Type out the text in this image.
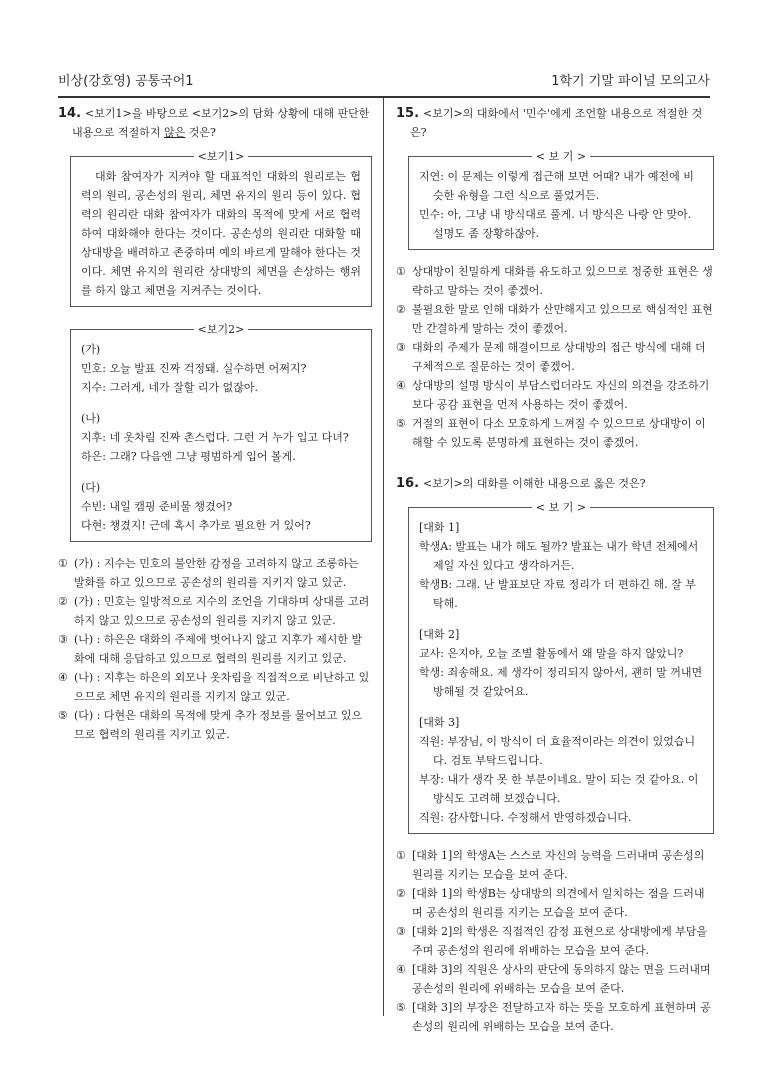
비상(강호영) 공통국어1	1학기 기말 파이널 모의고사
14. <보기1>을 바탕으로 <보기2>의 담화 상황에 대해 판단한 내용으로 적절하지 않은 것은?
<보기1>

대화 참여자가 지켜야 할 대표적인 대화의 원리로는 협력의 원리, 공손성의 원리, 체면 유지의 원리 등이 있다. 협력의 원리란 대화 참여자가 대화의 목적에 맞게 서로 협력하여 대화해야 한다는 것이다. 공손성의 원리란 대화할 때 상대방을 배려하고 존중하며 예의 바르게 말해야 한다는 것이다. 체면 유지의 원리란 상대방의 체면을 손상하는 행위를 하지 않고 체면을 지켜주는 것이다.

<보기2>

(가)

민호: 오늘 발표 진짜 걱정돼. 실수하면 어쩌지?

지수: 그러게, 네가 잘할 리가 없잖아.

(나)

지후: 네 옷차림 진짜 촌스럽다. 그런 거 누가 입고 다녀?

하은: 그래? 다음엔 그냥 평범하게 입어 볼게.

(다)

수빈: 내일 캠핑 준비물 챙겼어?

다현: 챙겼지! 근데 혹시 추가로 필요한 거 있어?

① (가) : 지수는 민호의 불안한 감정을 고려하지 않고 조롱하는 발화를 하고 있으므로 공손성의 원리를 지키지 않고 있군.
② (가) : 민호는 일방적으로 지수의 조언을 기대하며 상대를 고려하지 않고 있으므로 공손성의 원리를 지키지 않고 있군.
③ (나) : 하은은 대화의 주제에 벗어나지 않고 지후가 제시한 발화에 대해 응답하고 있으므로 협력의 원리를 지키고 있군.
④ (나) : 지후는 하은의 외모나 옷차림을 직접적으로 비난하고 있으므로 체면 유지의 원리를 지키지 않고 있군.
⑤ (다) : 다현은 대화의 목적에 맞게 추가 정보를 물어보고 있으므로 협력의 원리를 지키고 있군.
15. <보기>의 대화에서 '민수'에게 조언할 내용으로 적절한 것은?
< 보 기 >

지연: 이 문제는 이렇게 접근해 보면 어때? 내가 예전에 비슷한 유형을 그런 식으로 풀었거든.

민수: 아, 그냥 내 방식대로 풀게. 너 방식은 나랑 안 맞아. 설명도 좀 장황하잖아.

① 상대방이 친밀하게 대화를 유도하고 있으므로 정중한 표현은 생략하고 말하는 것이 좋겠어.
② 불필요한 말로 인해 대화가 산만해지고 있으므로 핵심적인 표현만 간결하게 말하는 것이 좋겠어.
③ 대화의 주제가 문제 해결이므로 상대방의 접근 방식에 대해 더 구체적으로 질문하는 것이 좋겠어.
④ 상대방의 설명 방식이 부담스럽더라도 자신의 의견을 강조하기보다 공감 표현을 먼저 사용하는 것이 좋겠어.
⑤ 거절의 표현이 다소 모호하게 느껴질 수 있으므로 상대방이 이해할 수 있도록 분명하게 표현하는 것이 좋겠어.
16. <보기>의 대화를 이해한 내용으로 옳은 것은?
< 보 기 >

[대화 1]

학생A: 발표는 내가 해도 될까? 발표는 내가 학년 전체에서 제일 자신 있다고 생각하거든.

학생B: 그래. 난 발표보단 자료 정리가 더 편하긴 해. 잘 부탁해.

[대화 2]

교사: 은지야, 오늘 조별 활동에서 왜 말을 하지 않았니?

학생: 죄송해요. 제 생각이 정리되지 않아서, 괜히 말 꺼내면 방해될 것 같았어요.

[대화 3]

직원: 부장님, 이 방식이 더 효율적이라는 의견이 있었습니다. 검토 부탁드립니다.

부장: 내가 생각 못 한 부분이네요. 말이 되는 것 같아요. 이 방식도 고려해 보겠습니다.

직원: 감사합니다. 수정해서 반영하겠습니다.

① [대화 1]의 학생A는 스스로 자신의 능력을 드러내며 공손성의 원리를 지키는 모습을 보여 준다.
② [대화 1]의 학생B는 상대방의 의견에서 일치하는 점을 드러내며 공손성의 원리를 지키는 모습을 보여 준다.
③ [대화 2]의 학생은 직접적인 감정 표현으로 상대방에게 부담을 주며 공손성의 원리에 위배하는 모습을 보여 준다.
④ [대화 3]의 직원은 상사의 판단에 동의하지 않는 면을 드러내며 공손성의 원리에 위배하는 모습을 보여 준다.
⑤ [대화 3]의 부장은 전달하고자 하는 뜻을 모호하게 표현하며 공손성의 원리에 위배하는 모습을 보여 준다.
